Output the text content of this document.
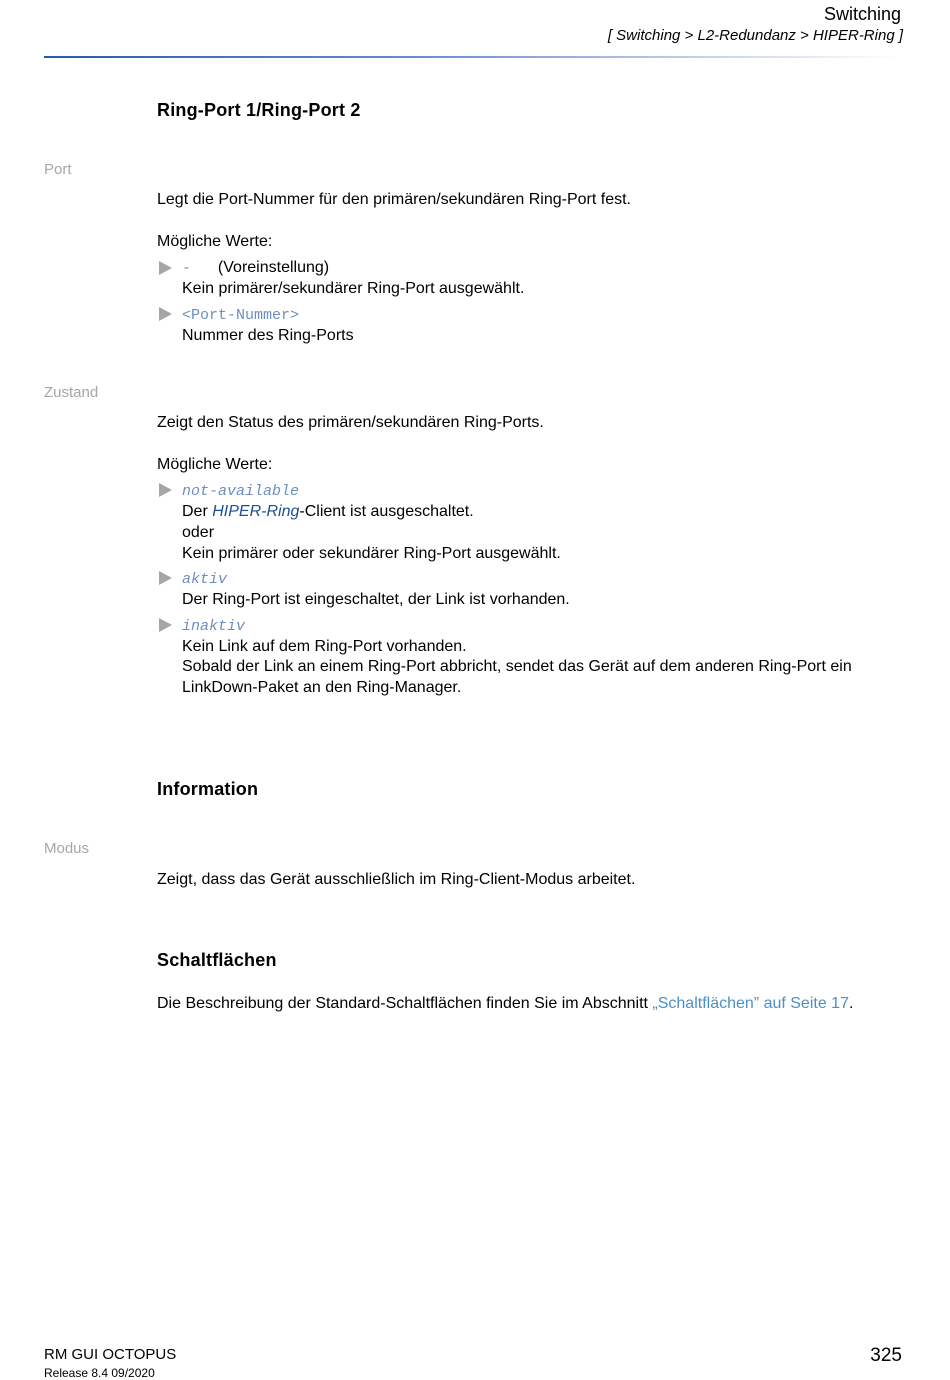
Switching
[ Switching > L2-Redundanz > HIPER-Ring ]
Ring-Port 1/Ring-Port 2
Port
Legt die Port-Nummer für den primären/sekundären Ring-Port fest.
Mögliche Werte:
- (Voreinstellung)
Kein primärer/sekundärer Ring-Port ausgewählt.
<Port-Nummer>
Nummer des Ring-Ports
Zustand
Zeigt den Status des primären/sekundären Ring-Ports.
Mögliche Werte:
not-available
Der HIPER-Ring-Client ist ausgeschaltet.
oder
Kein primärer oder sekundärer Ring-Port ausgewählt.
aktiv
Der Ring-Port ist eingeschaltet, der Link ist vorhanden.
inaktiv
Kein Link auf dem Ring-Port vorhanden.
Sobald der Link an einem Ring-Port abbricht, sendet das Gerät auf dem anderen Ring-Port ein
LinkDown-Paket an den Ring-Manager.
Information
Modus
Zeigt, dass das Gerät ausschließlich im Ring-Client-Modus arbeitet.
Schaltflächen
Die Beschreibung der Standard-Schaltflächen finden Sie im Abschnitt „Schaltflächen” auf Seite 17.
RM GUI OCTOPUS
Release 8.4 09/2020
325
